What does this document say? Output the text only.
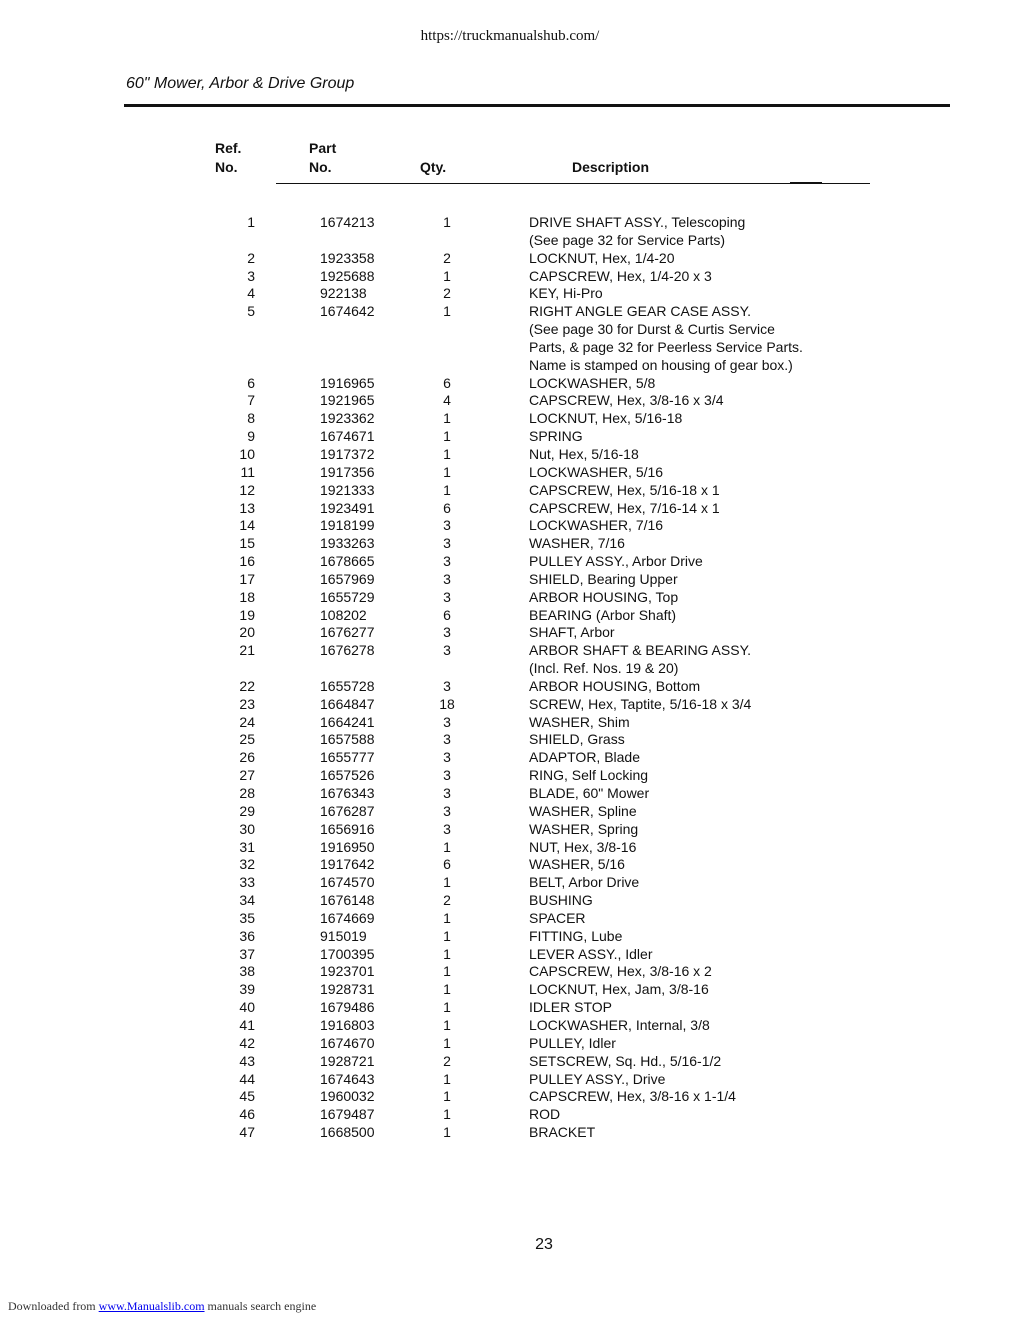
https://truckmanualshub.com/
60" Mower, Arbor & Drive Group
Ref.
No.
Part
No.	Qty.	Description
1	1674213	1	DRIVE SHAFT ASSY., Telescoping
(See page 32 for Service Parts)
2	1923358	2	LOCKNUT, Hex, 1/4-20
3	1925688	1	CAPSCREW, Hex, 1/4-20 x 3
4	922138	2	KEY, Hi-Pro
5	1674642	1	RIGHT ANGLE GEAR CASE ASSY.
(See page 30 for Durst & Curtis Service
Parts, & page 32 for Peerless Service Parts.
Name is stamped on housing of gear box.)
6	1916965	6	LOCKWASHER, 5/8
7	1921965	4	CAPSCREW, Hex, 3/8-16 x 3/4
8	1923362	1	LOCKNUT, Hex, 5/16-18
9	1674671	1	SPRING
10	1917372	1	Nut, Hex, 5/16-18
11	1917356	1	LOCKWASHER, 5/16
12	1921333	1	CAPSCREW, Hex, 5/16-18 x 1
13	1923491	6	CAPSCREW, Hex, 7/16-14 x 1
14	1918199	3	LOCKWASHER, 7/16
15	1933263	3	WASHER, 7/16
16	1678665	3	PULLEY ASSY., Arbor Drive
17	1657969	3	SHIELD, Bearing Upper
18	1655729	3	ARBOR HOUSING, Top
19	108202	6	BEARING (Arbor Shaft)
20	1676277	3	SHAFT, Arbor
21	1676278	3	ARBOR SHAFT & BEARING ASSY.
(Incl. Ref. Nos. 19 & 20)
22	1655728	3	ARBOR HOUSING, Bottom
23	1664847	18	SCREW, Hex, Taptite, 5/16-18 x 3/4
24	1664241	3	WASHER, Shim
25	1657588	3	SHIELD, Grass
26	1655777	3	ADAPTOR, Blade
27	1657526	3	RING, Self Locking
28	1676343	3	BLADE, 60" Mower
29	1676287	3	WASHER, Spline
30	1656916	3	WASHER, Spring
31	1916950	1	NUT, Hex, 3/8-16
32	1917642	6	WASHER, 5/16
33	1674570	1	BELT, Arbor Drive
34	1676148	2	BUSHING
35	1674669	1	SPACER
36	915019	1	FITTING, Lube
37	1700395	1	LEVER ASSY., Idler
38	1923701	1	CAPSCREW, Hex, 3/8-16 x 2
39	1928731	1	LOCKNUT, Hex, Jam, 3/8-16
40	1679486	1	IDLER STOP
41	1916803	1	LOCKWASHER, Internal, 3/8
42	1674670	1	PULLEY, Idler
43	1928721	2	SETSCREW, Sq. Hd., 5/16-1/2
44	1674643	1	PULLEY ASSY., Drive
45	1960032	1	CAPSCREW, Hex, 3/8-16 x 1-1/4
46	1679487	1	ROD
47	1668500	1	BRACKET
23
Downloaded from www.Manualslib.com manuals search engine
